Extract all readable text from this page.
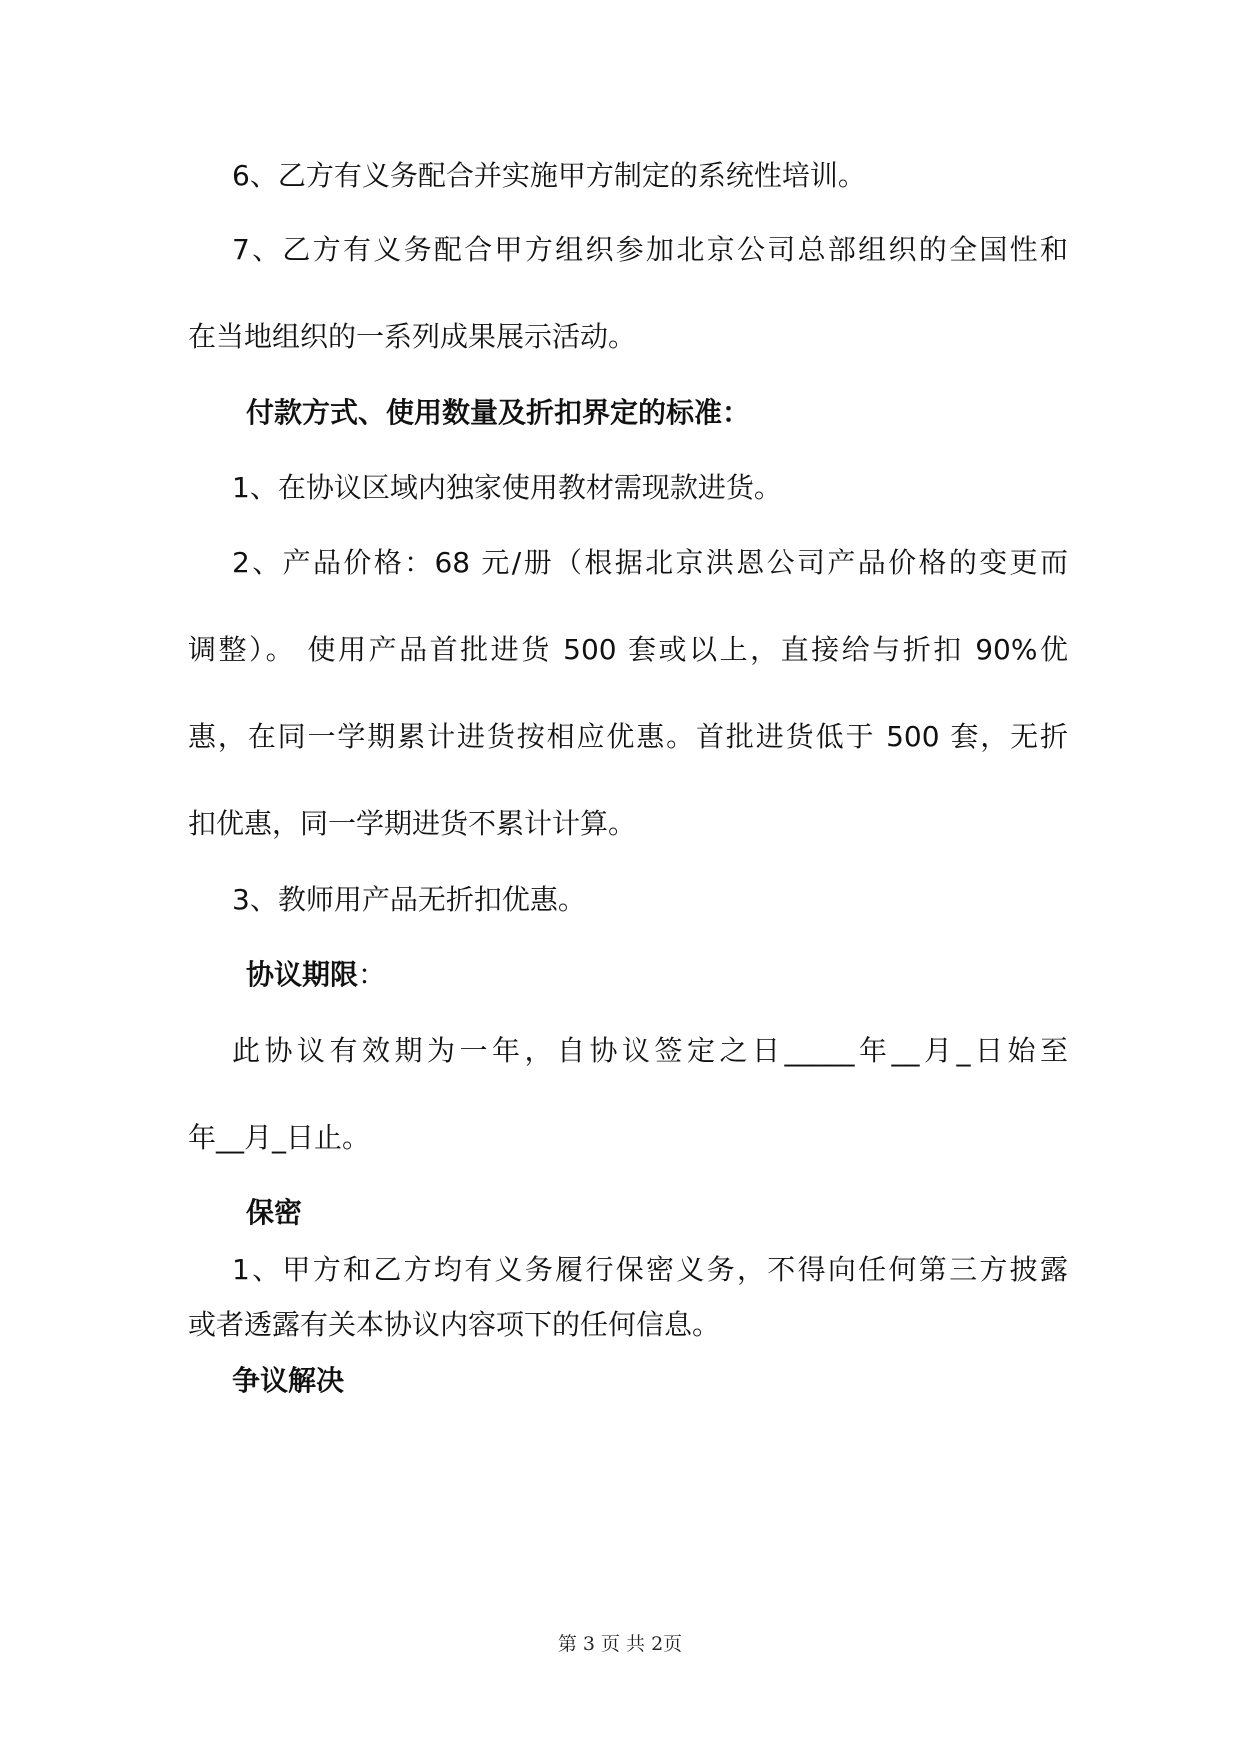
6、乙方有义务配合并实施甲方制定的系统性培训。

7、乙方有义务配合甲方组织参加北京公司总部组织的全国性和

在当地组织的一系列成果展示活动。

付款方式、使用数量及折扣界定的标准：

1、在协议区域内独家使用教材需现款进货。

2、产品价格：68 元/册（根据北京洪恩公司产品价格的变更而

调整）。 使用产品首批进货 500 套或以上，直接给与折扣 90%优

惠，在同一学期累计进货按相应优惠。首批进货低于 500 套，无折

扣优惠，同一学期进货不累计计算。

3、教师用产品无折扣优惠。

协议期限：

此协议有效期为一年，自协议签定之日_____年__月_日始至

年__月_日止。

保密

1、甲方和乙方均有义务履行保密义务，不得向任何第三方披露

或者透露有关本协议内容项下的任何信息。

争议解决

第 3 页 共 2页
